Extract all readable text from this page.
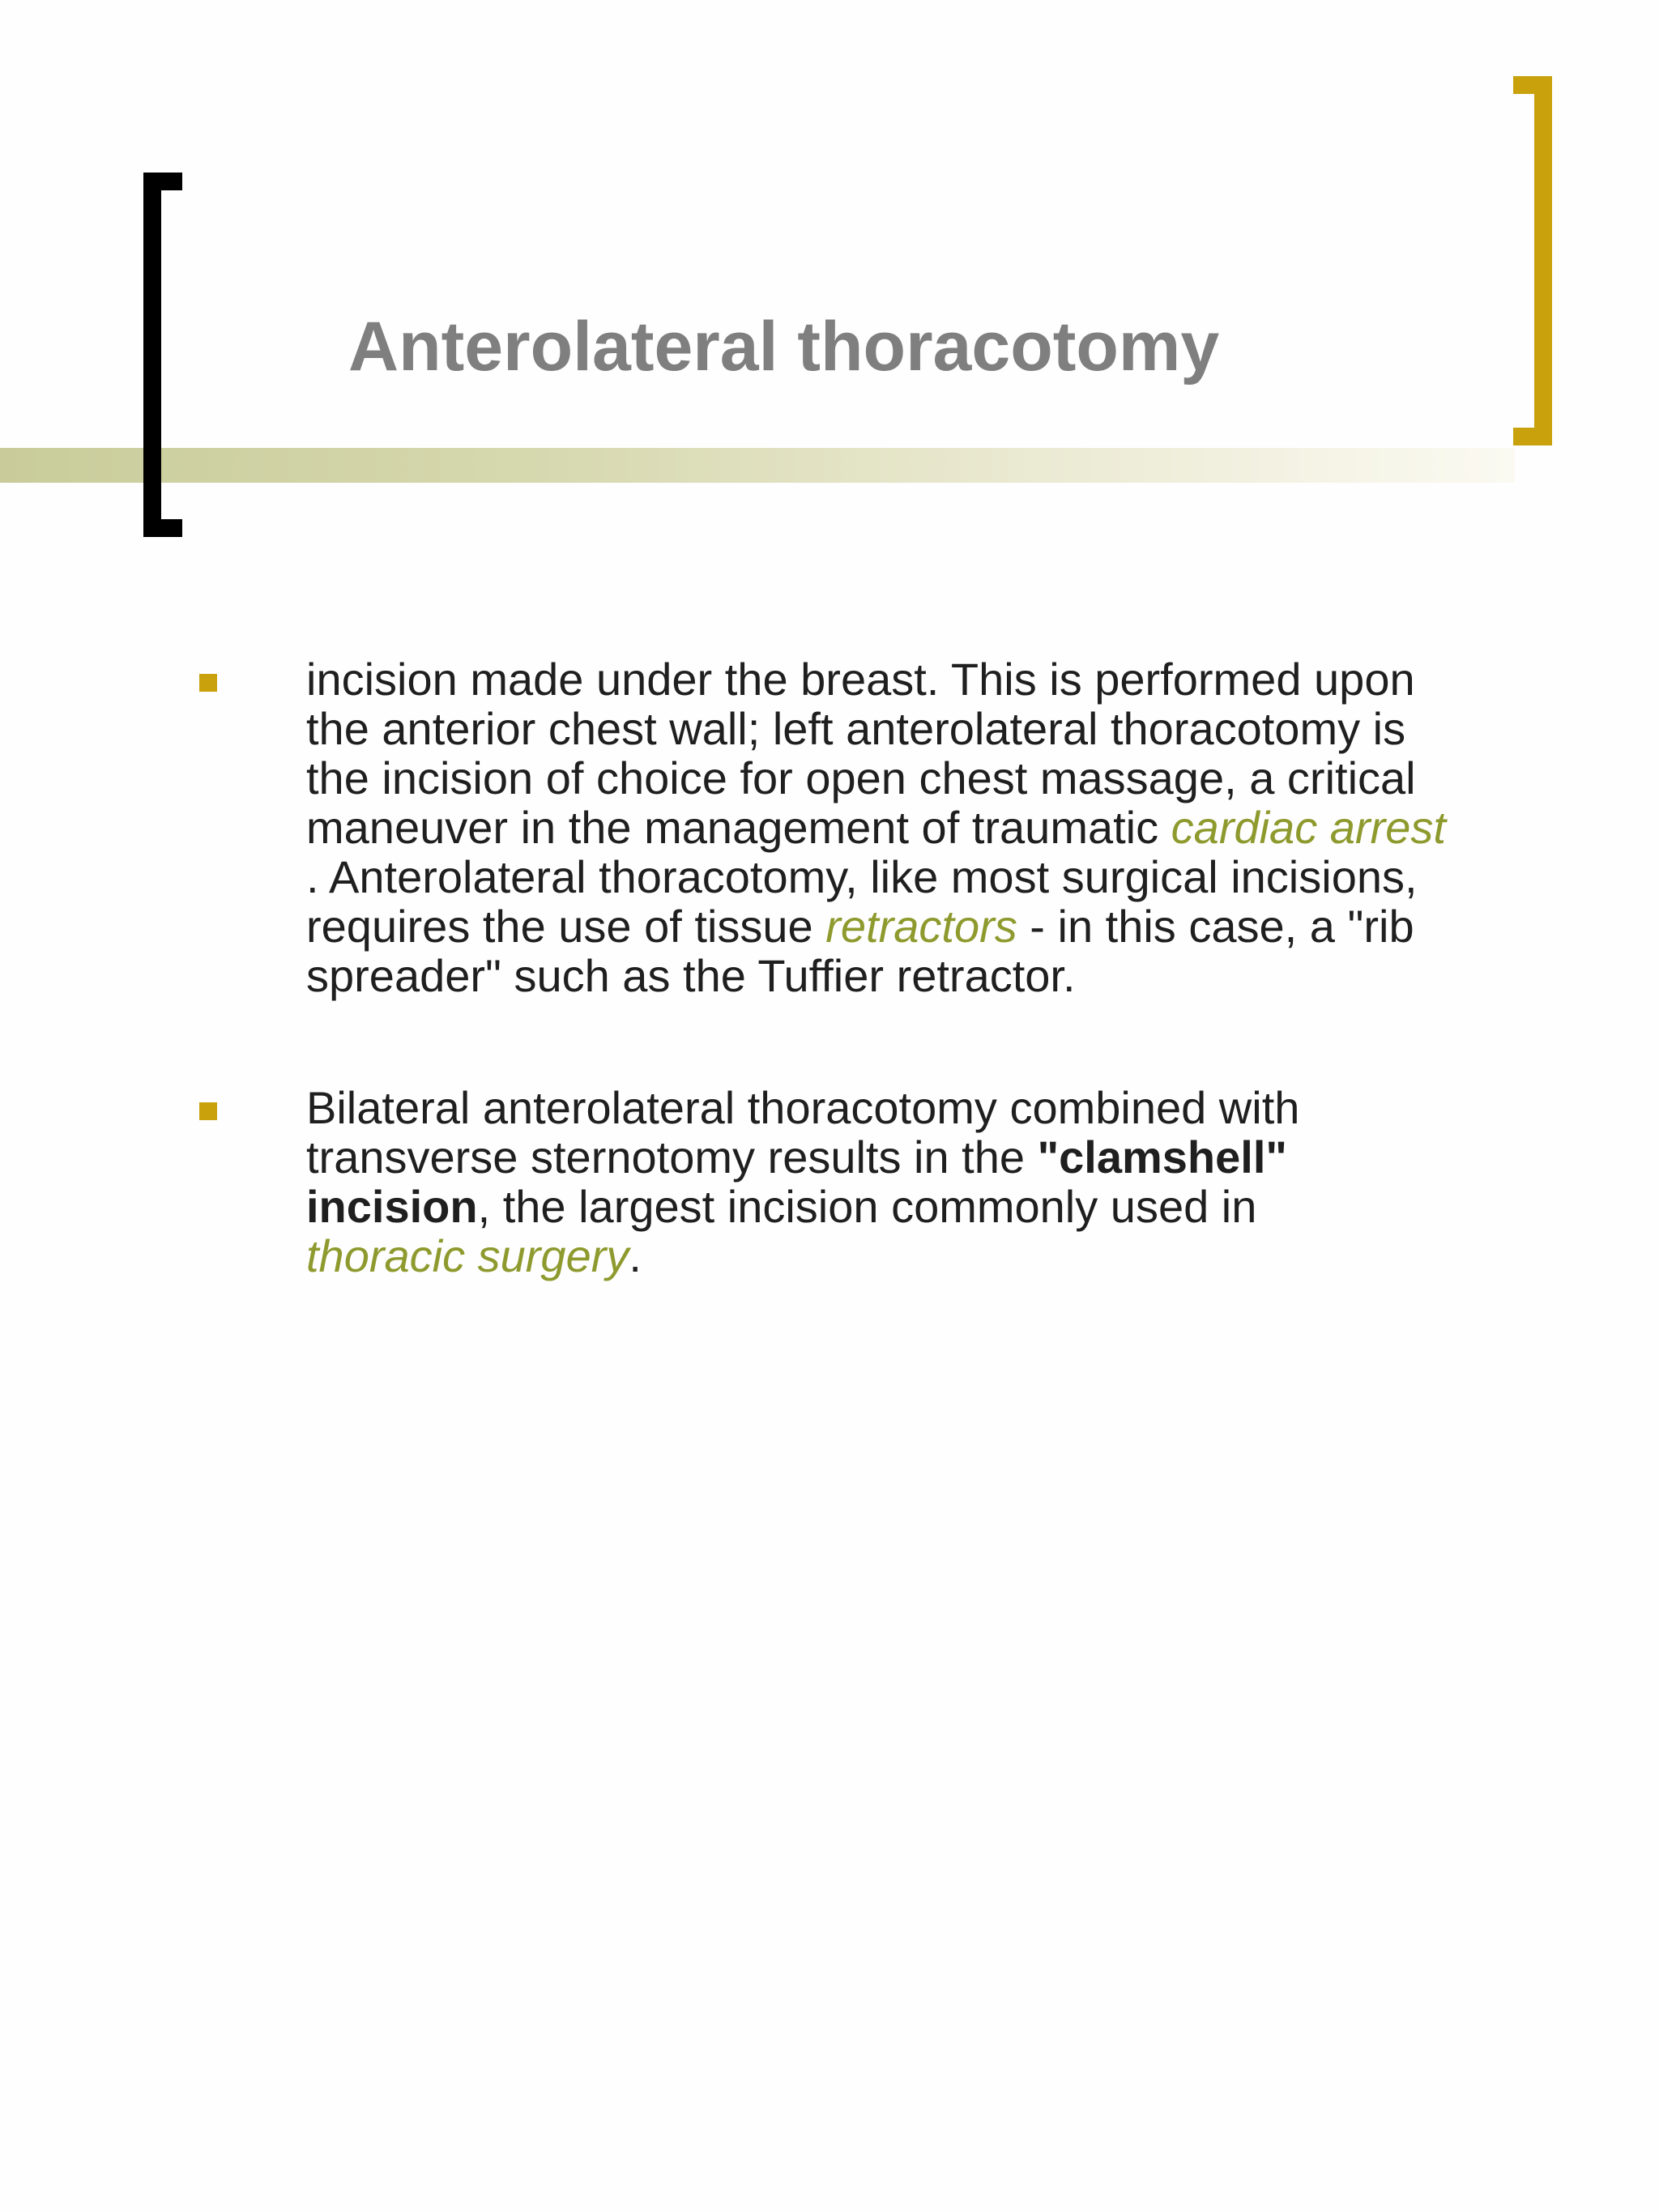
Anterolateral thoracotomy
incision made under the breast. This is performed upon
the anterior chest wall; left anterolateral thoracotomy is
the incision of choice for open chest massage, a critical
maneuver in the management of traumatic cardiac arrest
. Anterolateral thoracotomy, like most surgical incisions,
requires the use of tissue retractors - in this case, a "rib
spreader" such as the Tuffier retractor.
Bilateral anterolateral thoracotomy combined with
transverse sternotomy results in the "clamshell"
incision, the largest incision commonly used in
thoracic surgery.
